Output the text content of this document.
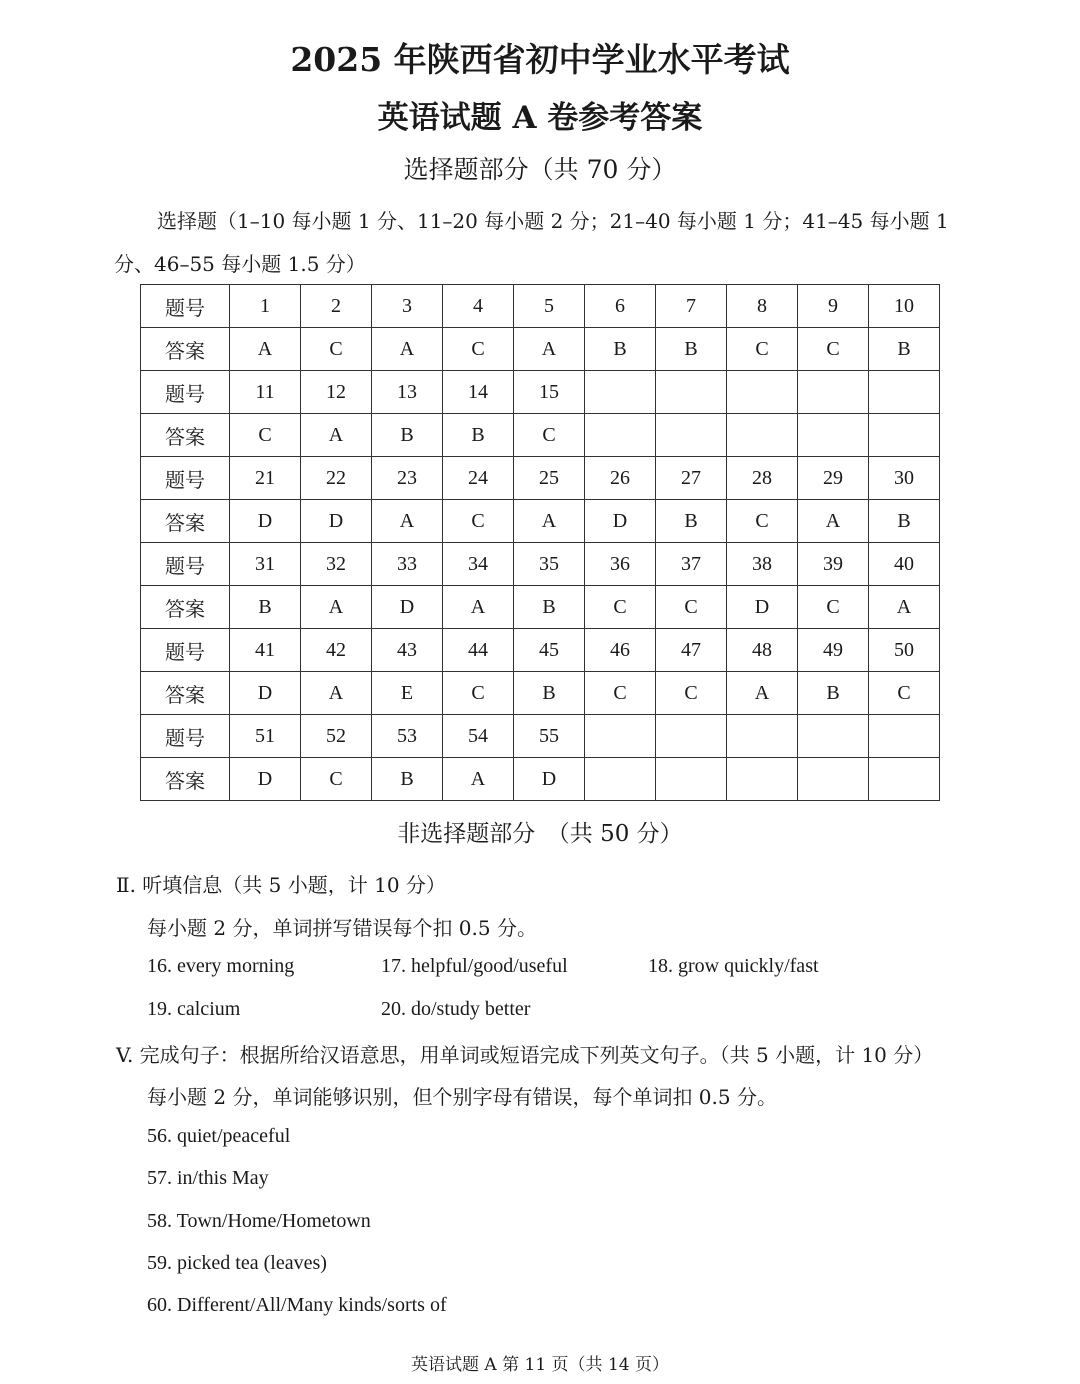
2025 年陕西省初中学业水平考试
英语试题 A 卷参考答案
选择题部分（共 70 分）
选择题（1–10 每小题 1 分、11–20 每小题 2 分；21–40 每小题 1 分；41–45 每小题 1
分、46–55 每小题 1.5 分）
题号	1	2	3	4	5	6	7	8	9	10
答案	A	C	A	C	A	B	B	C	C	B
题号	11	12	13	14	15					
答案	C	A	B	B	C					
题号	21	22	23	24	25	26	27	28	29	30
答案	D	D	A	C	A	D	B	C	A	B
题号	31	32	33	34	35	36	37	38	39	40
答案	B	A	D	A	B	C	C	D	C	A
题号	41	42	43	44	45	46	47	48	49	50
答案	D	A	E	C	B	C	C	A	B	C
题号	51	52	53	54	55					
答案	D	C	B	A	D					
非选择题部分　（共 50 分）
Ⅱ. 听填信息（共 5 小题，计 10 分）
每小题 2 分，单词拼写错误每个扣 0.5 分。
16. every morning	17. helpful/good/useful	18. grow quickly/fast
19. calcium	20. do/study better
V. 完成句子：根据所给汉语意思，用单词或短语完成下列英文句子。（共 5 小题，计 10 分）
每小题 2 分，单词能够识别，但个别字母有错误，每个单词扣 0.5 分。
56. quiet/peaceful
57. in/this May
58. Town/Home/Hometown
59. picked tea (leaves)
60. Different/All/Many kinds/sorts of
英语试题 A 第 11 页（共 14 页）
